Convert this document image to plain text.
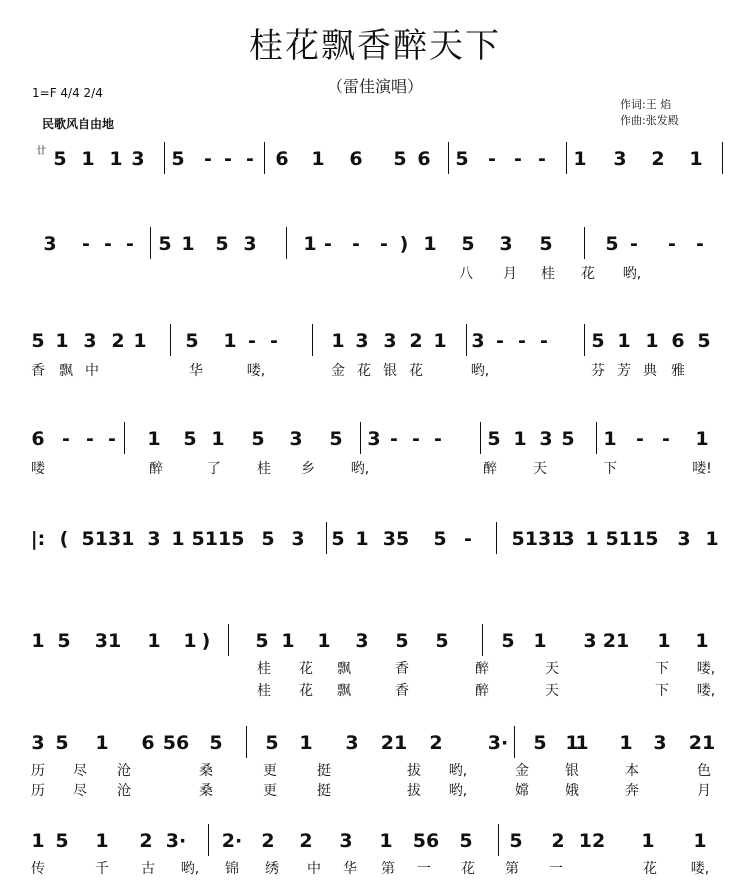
桂花飘香醉天下
（雷佳演唱）
1=F 4/4 2/4
民歌风自由地
作词:王 焰
作曲:张发殿
廿 5 1 1 3 5 - - - 6 1 6 5 6 5 - - - 1 3 2 1
3 - - - 5 1 5 3 1 - - - ) 1 5 3 5	5 - - -
八 月 桂 花 哟,
5 1 3 2 1 5 1 - -	1 3 3 2 1 3 - - - 5 1 1 6 5
香 飘 中	华	喽,	金 花 银 花	哟,	芬 芳 典 雅
6 - - - 1 5 1 5 3 5 3 - - - 5 1 3 5 1 - - 1
喽	醉	了	桂 乡	哟,	醉	天	下	喽!
|: ( 5131 3 1 5115 5 3 5 1 35 5 - 5131
3 1 5115 3 1
1 5 31 1 1 ) 5 1 1 3 5 5	5 1 3 21 1 1
桂 花 飘	香	醉	天	下 喽,
桂 花 飘	香	醉	天	下 喽,
3 5 1 6 56 5 5 1 3 21 2 3· 5 1 1 3 21
1
历 尽 沧	桑	更	挺	拔 哟,	金	银	本	色
历 尽 沧	桑	更	挺	拔 哟,	嫦	娥	奔	月
1 5 1 2 3· 2· 2 2 3 1 56 5 5 2 12 1 1
传	千 古 哟, 锦 绣 中 华 第 一 花 第 一	花 喽,
